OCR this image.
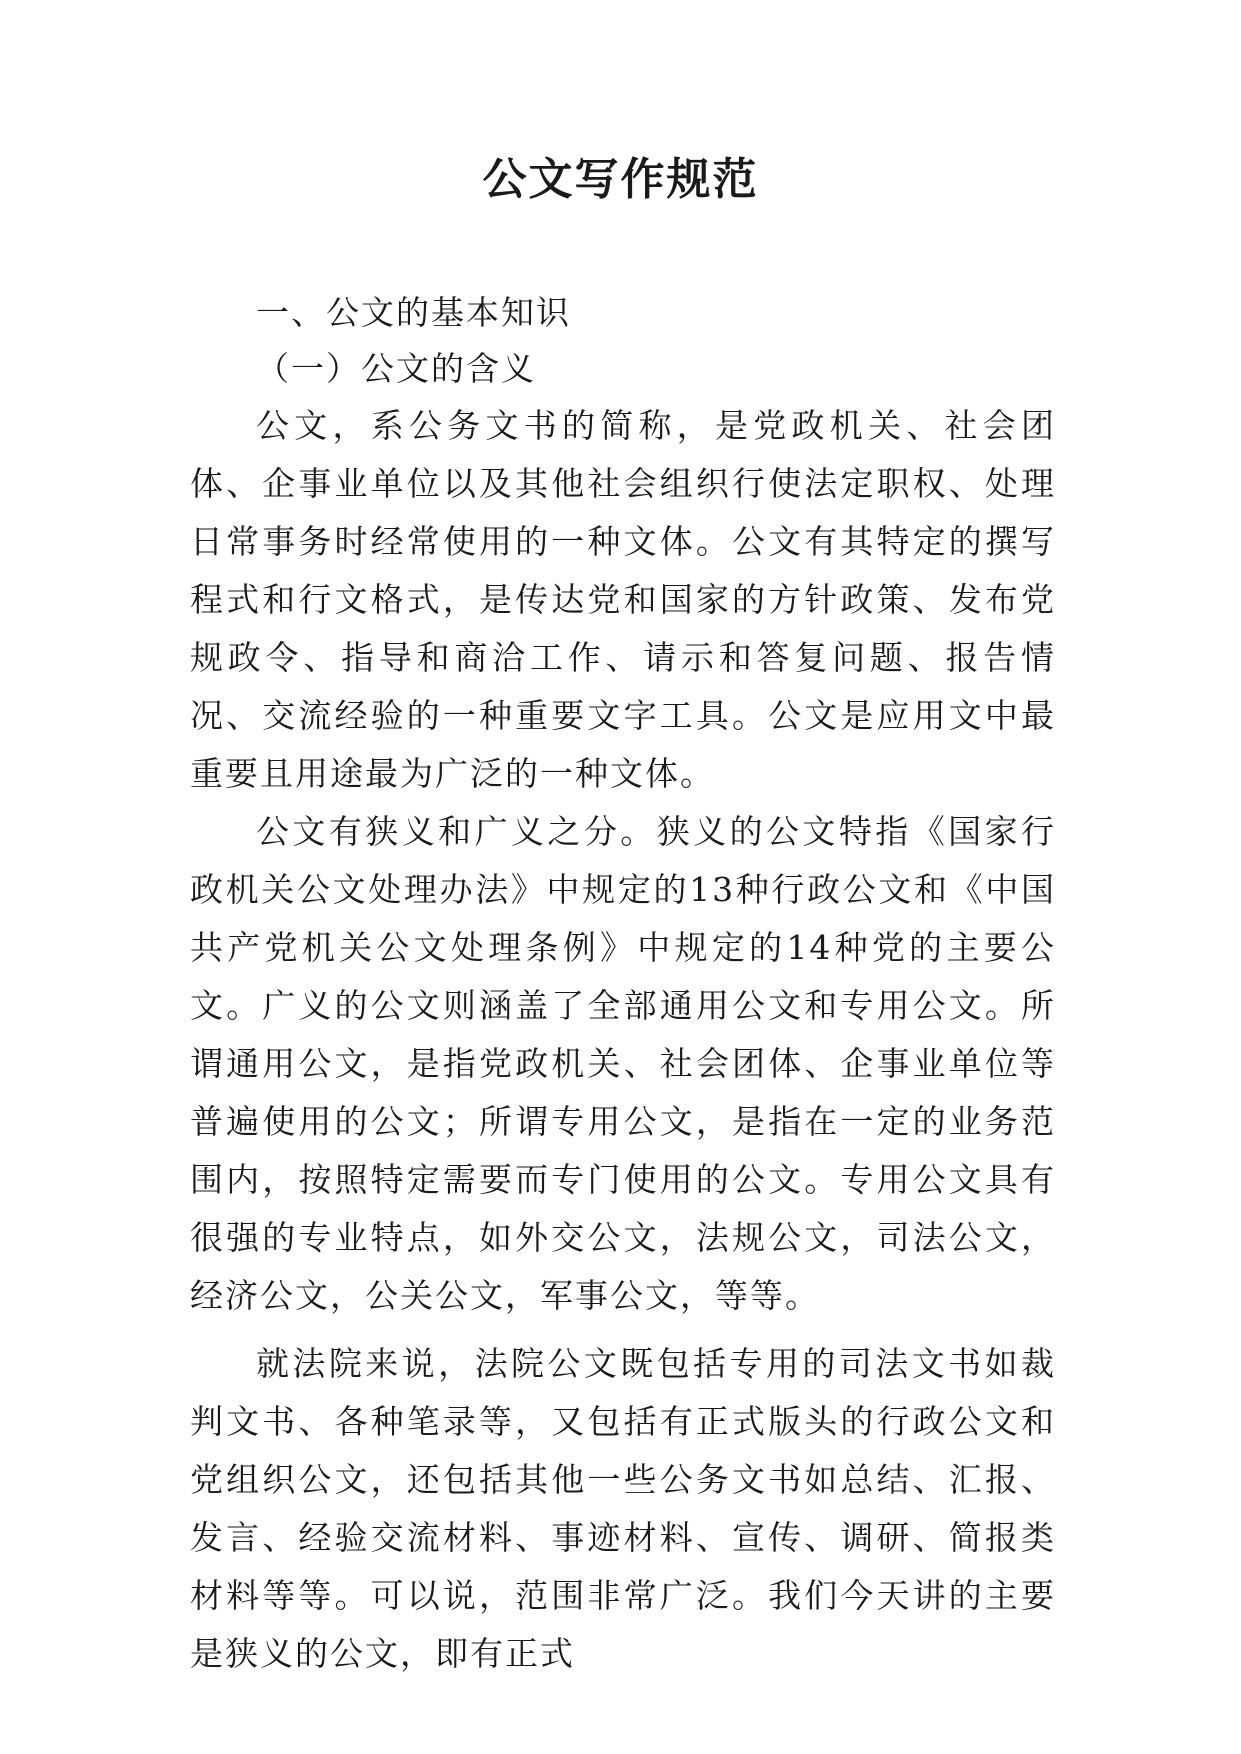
公文写作规范

一、公文的基本知识

（一）公文的含义

公文，系公务文书的简称，是党政机关、社会团体、企事业单位以及其他社会组织行使法定职权、处理日常事务时经常使用的一种文体。公文有其特定的撰写程式和行文格式，是传达党和国家的方针政策、发布党规政令、指导和商洽工作、请示和答复问题、报告情况、交流经验的一种重要文字工具。公文是应用文中最重要且用途最为广泛的一种文体。

公文有狭义和广义之分。狭义的公文特指《国家行政机关公文处理办法》中规定的13种行政公文和《中国共产党机关公文处理条例》中规定的14种党的主要公文。广义的公文则涵盖了全部通用公文和专用公文。所谓通用公文，是指党政机关、社会团体、企事业单位等普遍使用的公文；所谓专用公文，是指在一定的业务范围内，按照特定需要而专门使用的公文。专用公文具有很强的专业特点，如外交公文，法规公文，司法公文，经济公文，公关公文，军事公文，等等。

就法院来说，法院公文既包括专用的司法文书如裁判文书、各种笔录等，又包括有正式版头的行政公文和党组织公文，还包括其他一些公务文书如总结、汇报、发言、经验交流材料、事迹材料、宣传、调研、简报类材料等等。可以说，范围非常广泛。我们今天讲的主要是狭义的公文，即有正式
